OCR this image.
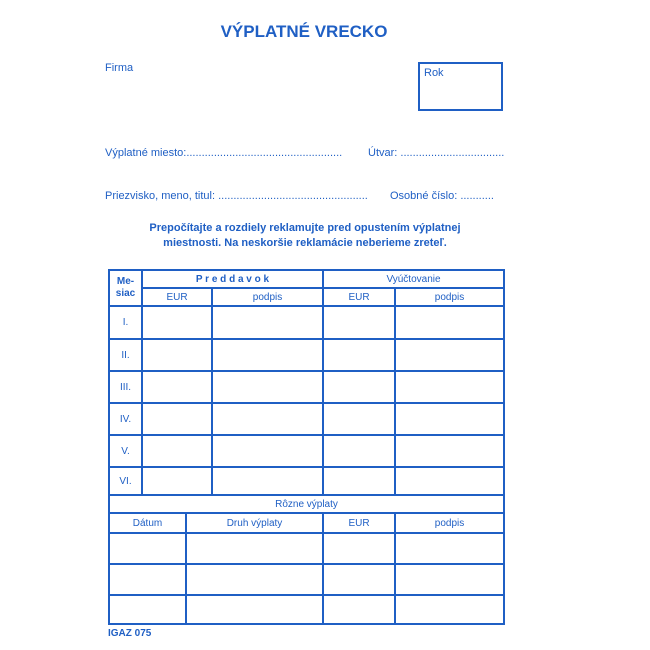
VÝPLATNÉ VRECKO
Firma	Rok
Výplatné miesto:................................................... Útvar: ..................................
Priezvisko, meno, titul: ................................................. Osobné číslo: ...........
Prepočítajte a rozdiely reklamujte pred opustením výplatnej
miestnosti. Na neskoršie reklamácie neberieme zreteľ.
Me-
siac	P r e d d a v o k			Vyúčtovanie	
	EUR		podpis	EUR	podpis
I.					
II.					
III.					
IV.					
V.					
VI.					
Rôzne výplaty					
Dátum		Druh výplaty		EUR	podpis

IGAZ 075
